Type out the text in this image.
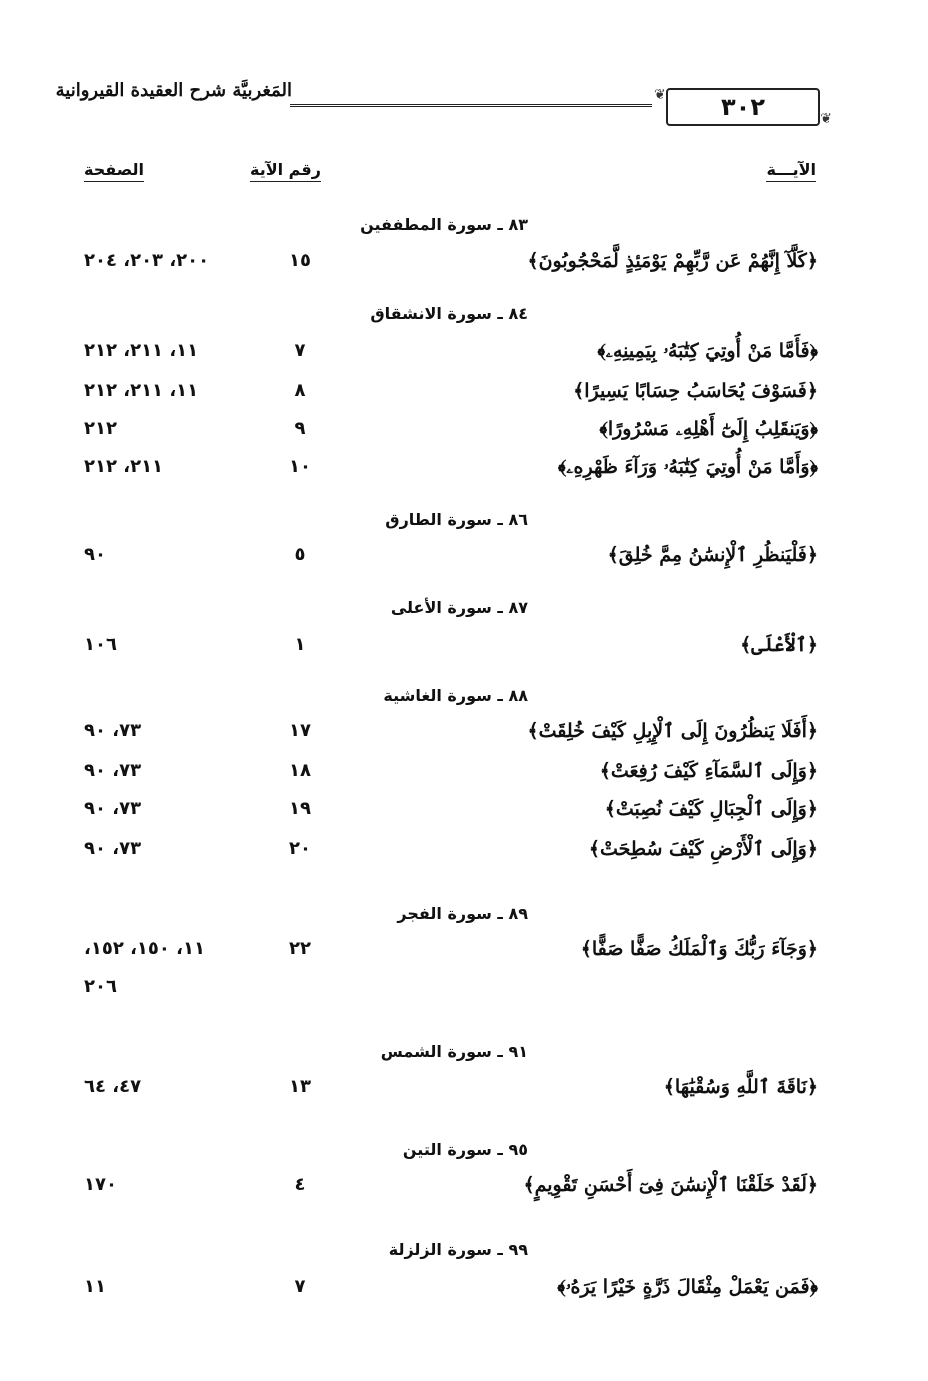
المَغربيَّة شرح العقيدة القيروانية	❦ ٣٠٢	❦
الآيـــة
رقم الآية
الصفحة
٨٣ ـ سورة المطففين
﴿كَلَّآ إِنَّهُمْ عَن رَّبِّهِمْ يَوْمَئِذٍ لَّمَحْجُوبُونَ﴾
١٥
٢٠٠، ٢٠٣، ٢٠٤
٨٤ ـ سورة الانشقاق
﴿فَأَمَّا مَنْ أُوتِيَ كِتَٰبَهُۥ بِيَمِينِهِۦ﴾
٧
١١، ٢١١، ٢١٢
﴿فَسَوْفَ يُحَاسَبُ حِسَابًا يَسِيرًا﴾
٨
١١، ٢١١، ٢١٢
﴿وَيَنقَلِبُ إِلَىٰٓ أَهْلِهِۦ مَسْرُورًا﴾
٩
٢١٢
﴿وَأَمَّا مَنْ أُوتِيَ كِتَٰبَهُۥ وَرَآءَ ظَهْرِهِۦ﴾
١٠
٢١١، ٢١٢
٨٦ ـ سورة الطارق
﴿فَلْيَنظُرِ ٱلْإِنسَٰنُ مِمَّ خُلِقَ﴾
٥
٩٠
٨٧ ـ سورة الأعلى
﴿ٱلْأَعْلَى﴾
١
١٠٦
٨٨ ـ سورة الغاشية
﴿أَفَلَا يَنظُرُونَ إِلَى ٱلْإِبِلِ كَيْفَ خُلِقَتْ﴾
١٧
٧٣، ٩٠
﴿وَإِلَى ٱلسَّمَآءِ كَيْفَ رُفِعَتْ﴾
١٨
٧٣، ٩٠
﴿وَإِلَى ٱلْجِبَالِ كَيْفَ نُصِبَتْ﴾
١٩
٧٣، ٩٠
﴿وَإِلَى ٱلْأَرْضِ كَيْفَ سُطِحَتْ﴾
٢٠
٧٣، ٩٠
٨٩ ـ سورة الفجر
﴿وَجَآءَ رَبُّكَ وَٱلْمَلَكُ صَفًّا صَفًّا﴾
٢٢
١١، ١٥٠، ١٥٢،
٢٠٦
٩١ ـ سورة الشمس
﴿نَاقَةَ ٱللَّهِ وَسُقْيَٰهَا﴾
١٣
٤٧، ٦٤
٩٥ ـ سورة التين
﴿لَقَدْ خَلَقْنَا ٱلْإِنسَٰنَ فِىٓ أَحْسَنِ تَقْوِيمٍ﴾
٤
١٧٠
٩٩ ـ سورة الزلزلة
﴿فَمَن يَعْمَلْ مِثْقَالَ ذَرَّةٍ خَيْرًا يَرَهُۥ﴾
٧
١١
